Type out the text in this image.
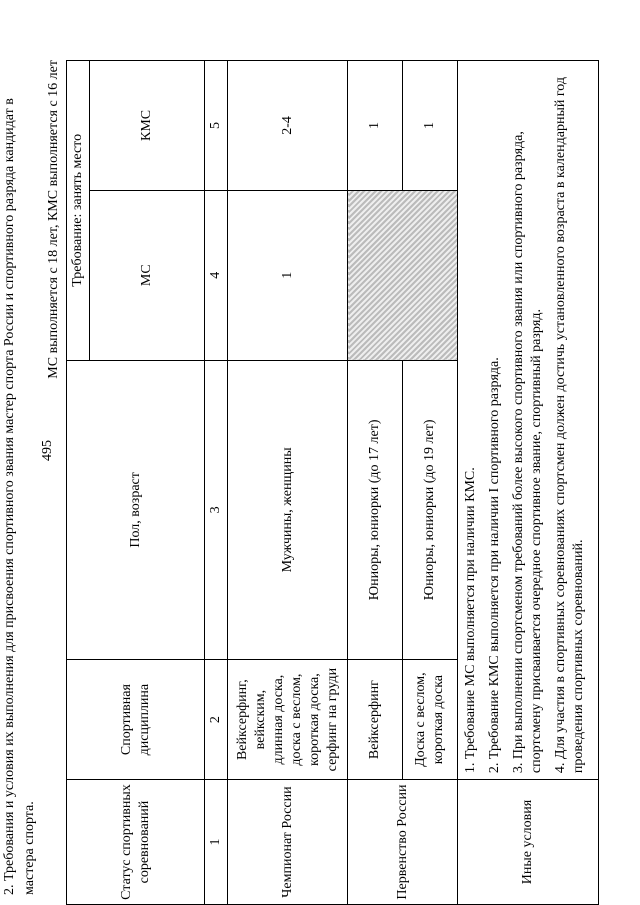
495
2. Требования и условия их выполнения для присвоения спортивного звания мастер спорта России и спортивного разряда кандидат в мастера спорта.
МС выполняется с 18 лет, КМС выполняется с 16 лет
Статус спортивных соревнований	Спортивная дисциплина	Пол, возраст	Требование: занять место	
			МС	КМС
1	2	3	4	5
Чемпионат России	Вейксерфинг, вейкским, длинная доска, доска с веслом, короткая доска, серфинг на груди	Мужчины, женщины	1	2-4
Первенство России	Вейксерфинг	Юниоры, юниорки (до 17 лет)		1
	Доска с веслом, короткая доска	Юниоры, юниорки (до 19 лет)		1
Иные условия	1. Требование МС выполняется при наличии КМС. 2. Требование КМС выполняется при наличии I спортивного разряда. 3. При выполнении спортсменом требований более высокого спортивного звания или спортивного разряда, спортсмену присваивается очередное спортивное звание, спортивный разряд. 4. Для участия в спортивных соревнованиях спортсмен должен достичь установленного возраста в календарный год проведения спортивных соревнований.			
